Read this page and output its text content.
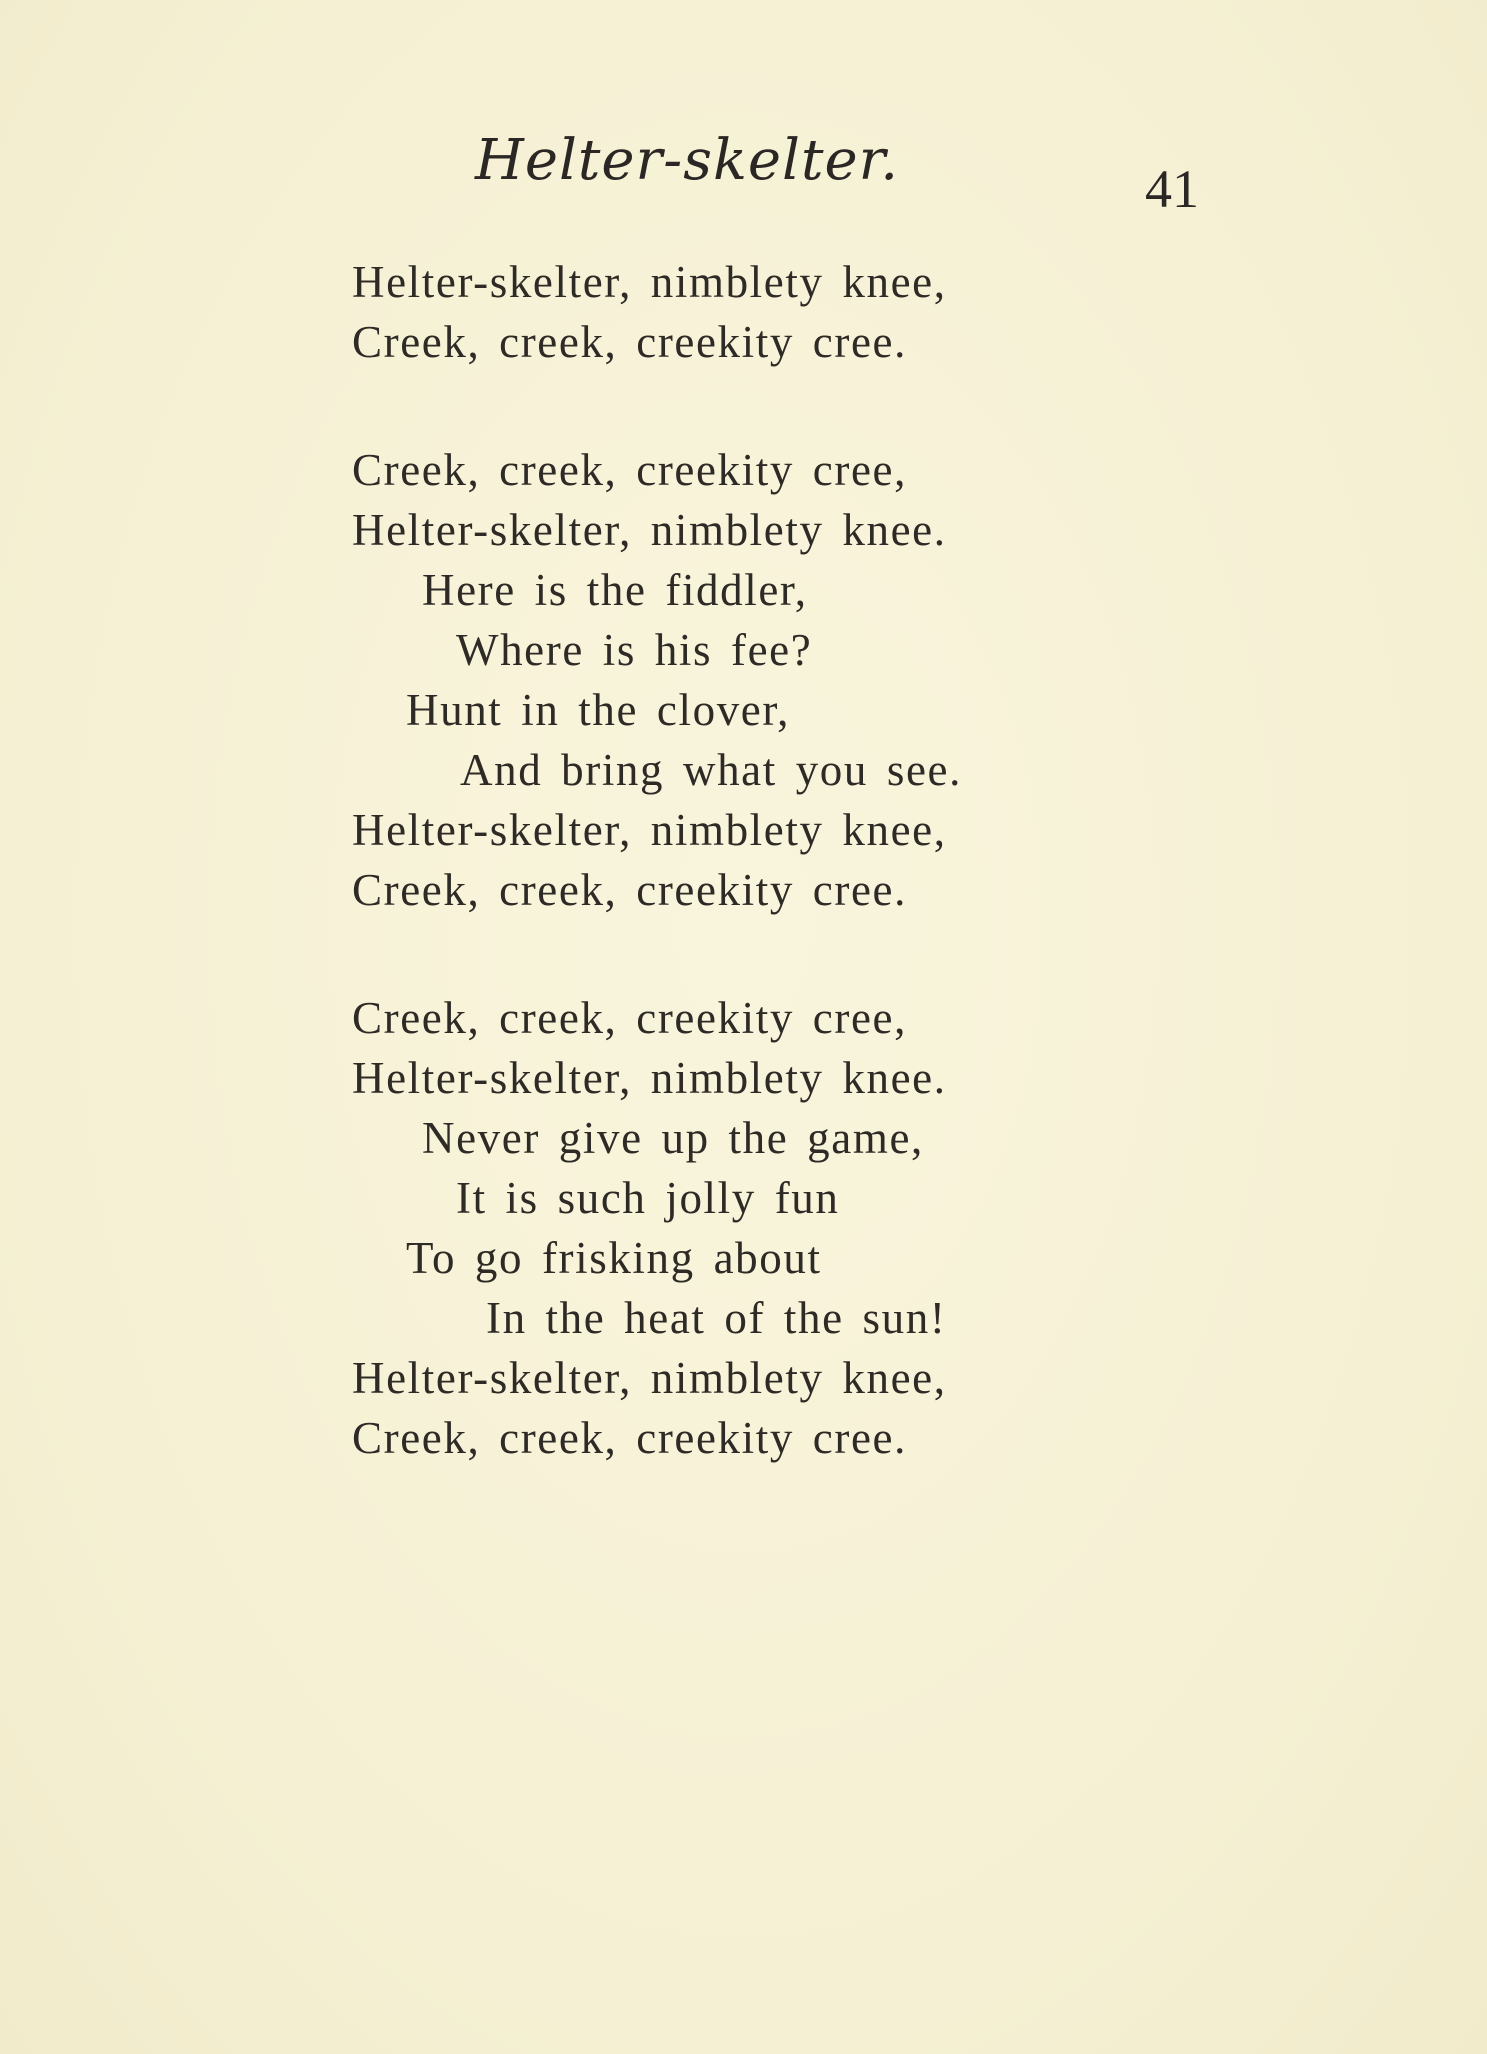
Helter-skelter.	41
Helter-skelter, nimblety knee,
Creek, creek, creekity cree.
Creek, creek, creekity cree,
Helter-skelter, nimblety knee.
Here is the fiddler,
Where is his fee?
Hunt in the clover,
And bring what you see.
Helter-skelter, nimblety knee,
Creek, creek, creekity cree.
Creek, creek, creekity cree,
Helter-skelter, nimblety knee.
Never give up the game,
It is such jolly fun
To go frisking about
In the heat of the sun!
Helter-skelter, nimblety knee,
Creek, creek, creekity cree.
